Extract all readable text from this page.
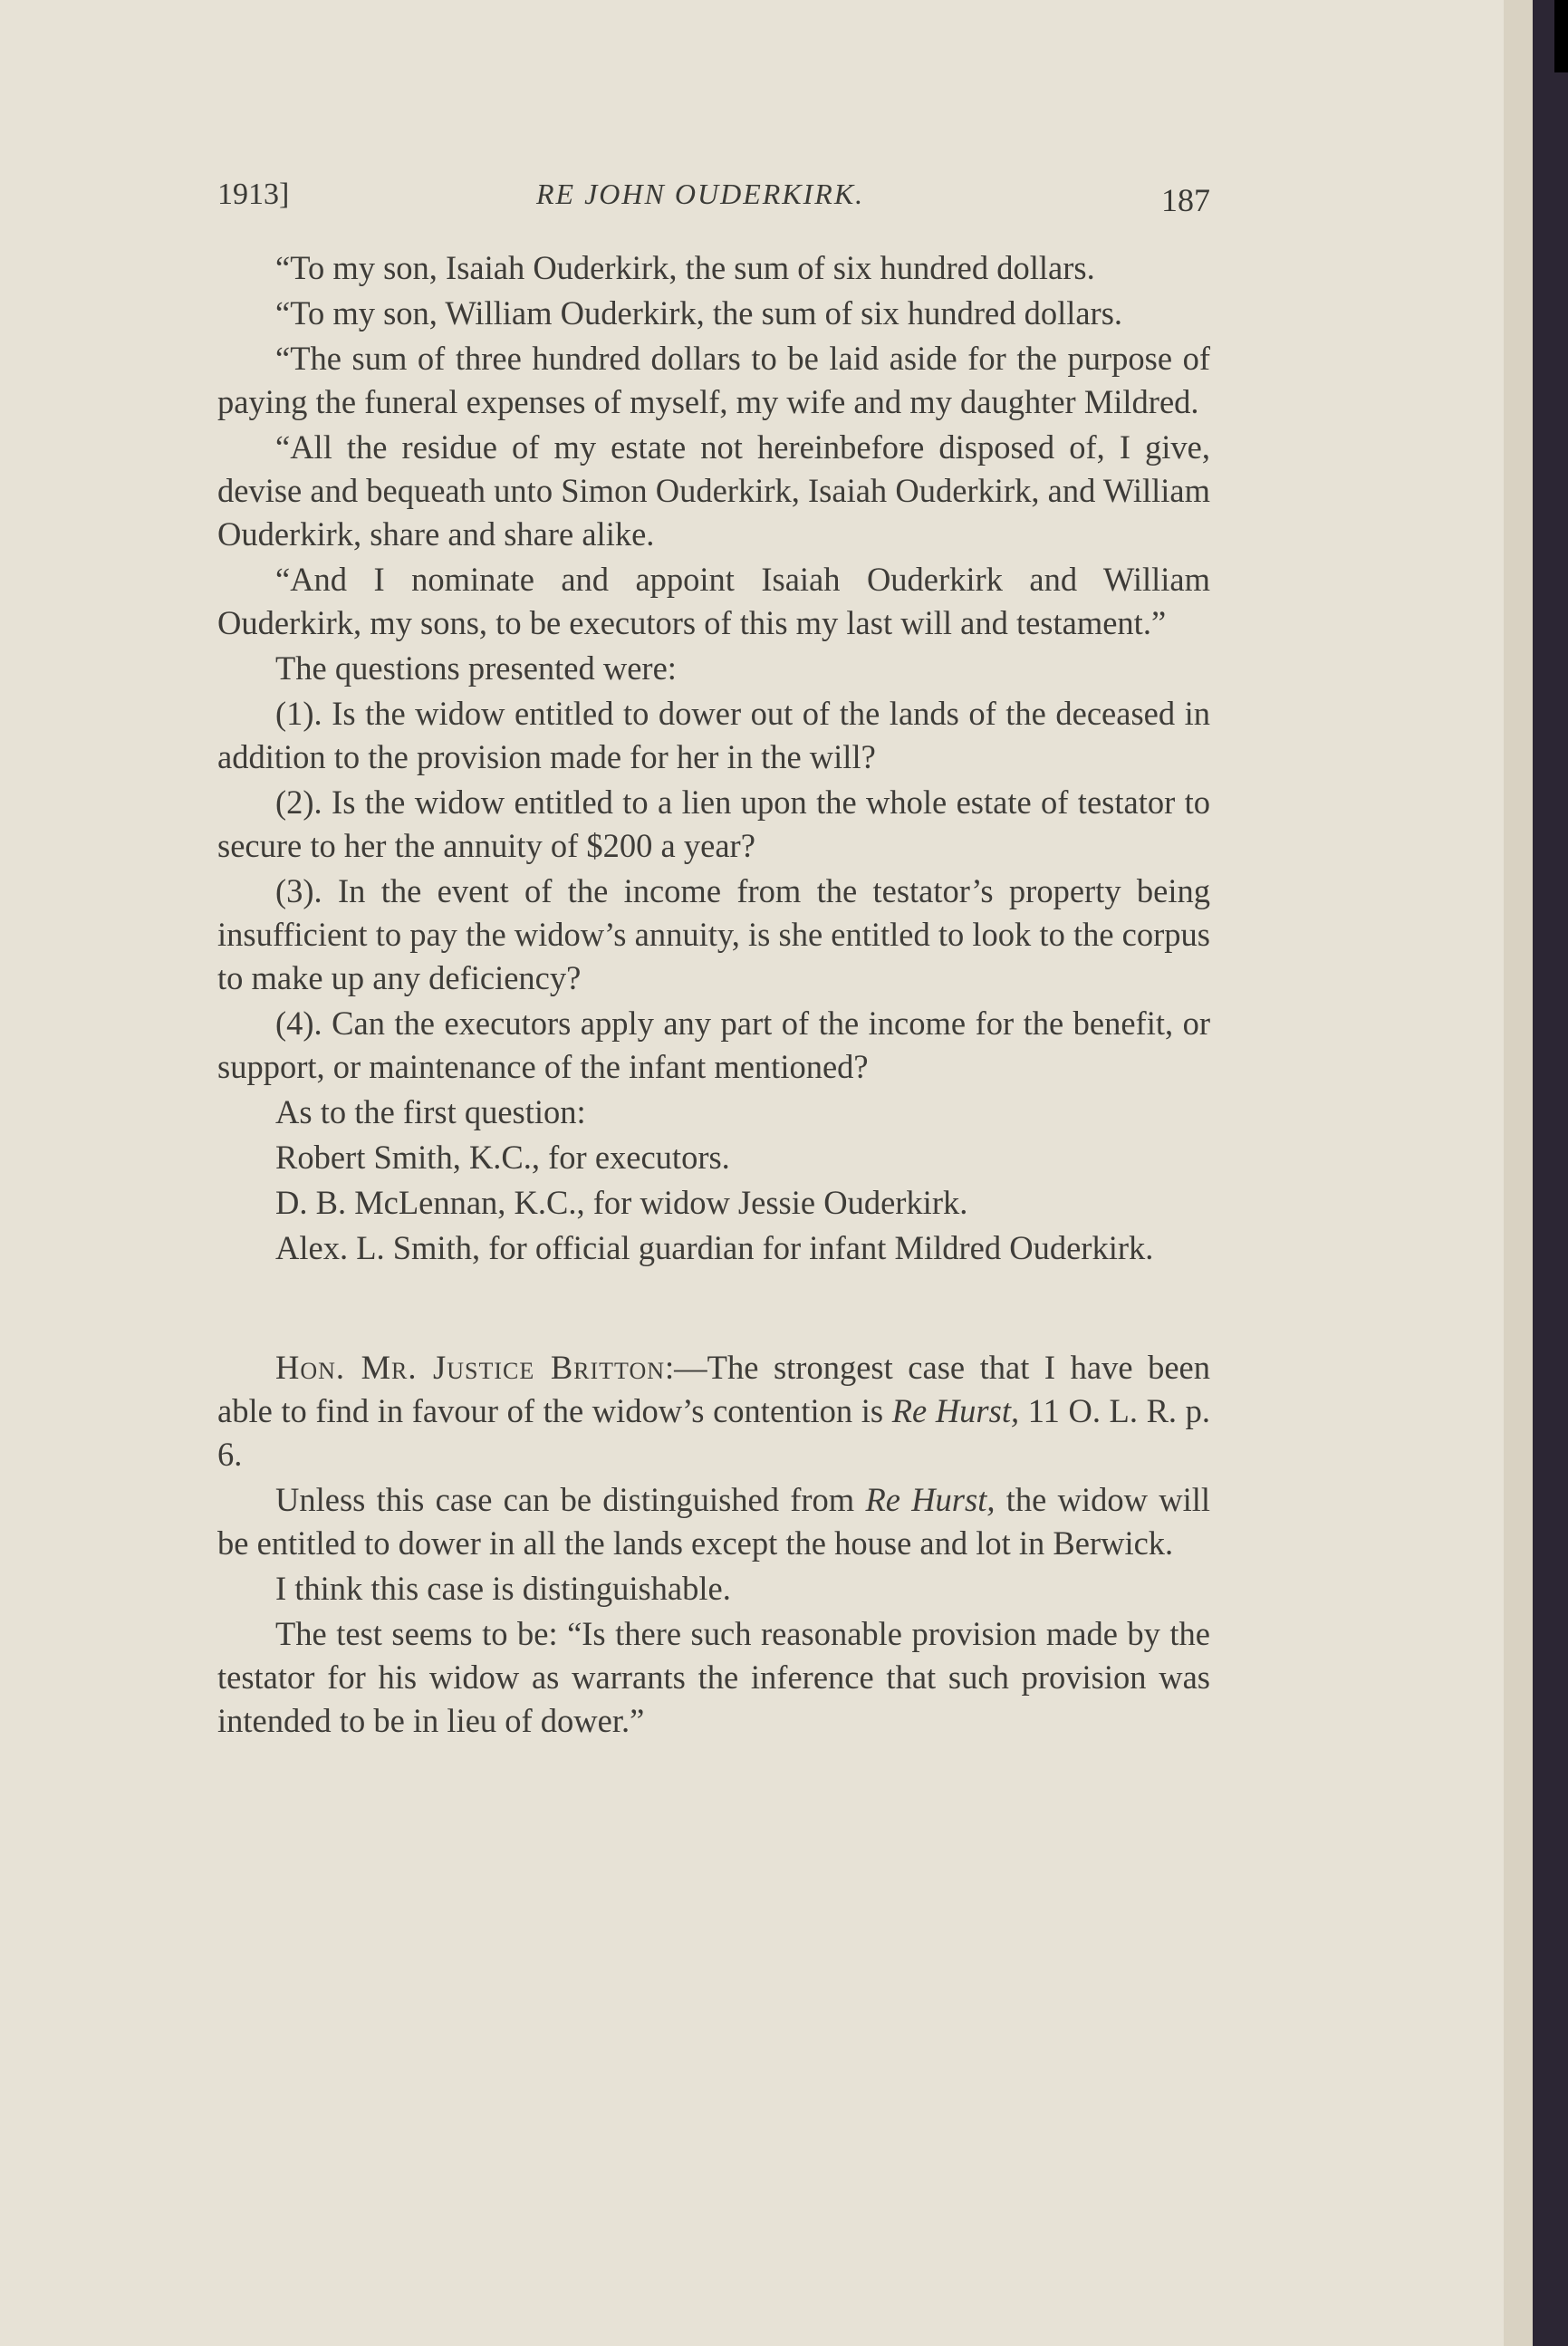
1913]	RE JOHN OUDERKIRK.	187

“To my son, Isaiah Ouderkirk, the sum of six hundred dollars.

“To my son, William Ouderkirk, the sum of six hundred dollars.

“The sum of three hundred dollars to be laid aside for the purpose of paying the funeral expenses of myself, my wife and my daughter Mildred.

“All the residue of my estate not hereinbefore disposed of, I give, devise and bequeath unto Simon Ouderkirk, Isaiah Ouderkirk, and William Ouderkirk, share and share alike.

“And I nominate and appoint Isaiah Ouderkirk and William Ouderkirk, my sons, to be executors of this my last will and testament.”

The questions presented were:

(1). Is the widow entitled to dower out of the lands of the deceased in addition to the provision made for her in the will?

(2). Is the widow entitled to a lien upon the whole estate of testator to secure to her the annuity of $200 a year?

(3). In the event of the income from the testator’s property being insufficient to pay the widow’s annuity, is she entitled to look to the corpus to make up any deficiency?

(4). Can the executors apply any part of the income for the benefit, or support, or maintenance of the infant mentioned?

As to the first question:

Robert Smith, K.C., for executors.

D. B. McLennan, K.C., for widow Jessie Ouderkirk.

Alex. L. Smith, for official guardian for infant Mildred Ouderkirk.

Hon. Mr. Justice Britton:—The strongest case that I have been able to find in favour of the widow’s contention is Re Hurst, 11 O. L. R. p. 6.

Unless this case can be distinguished from Re Hurst, the widow will be entitled to dower in all the lands except the house and lot in Berwick.

I think this case is distinguishable.

The test seems to be: “Is there such reasonable provision made by the testator for his widow as warrants the inference that such provision was intended to be in lieu of dower.”
